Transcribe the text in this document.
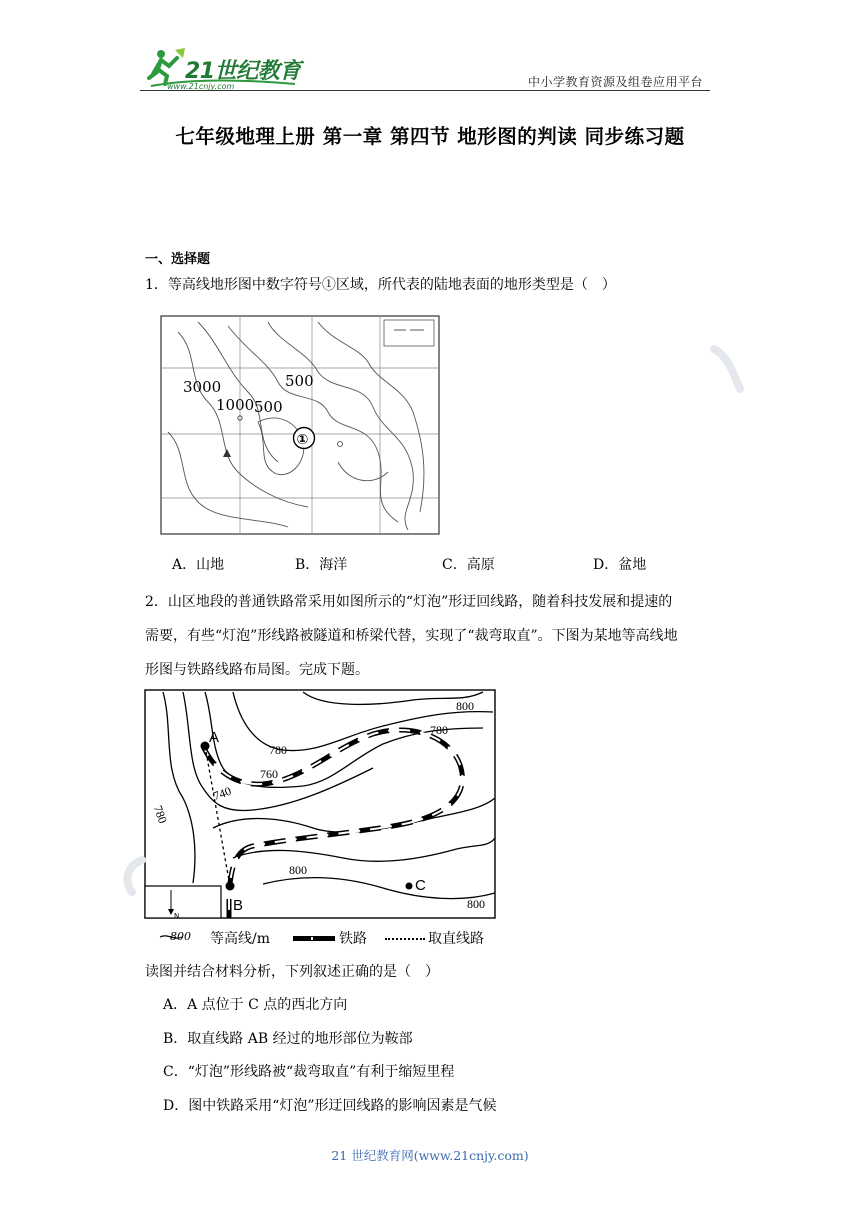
21世纪教育
www.21cnjy.com	中小学教育资源及组卷应用平台
七年级地理上册 第一章 第四节 地形图的判读 同步练习题
一、选择题
1．等高线地形图中数字符号①区域，所代表的陆地表面的地形类型是（　）
3000
1000 500
500
①
A．山地	B．海洋	C．高原	D．盆地

2．山区地段的普通铁路常采用如图所示的“灯泡”形迂回线路，随着科技发展和提速的

需要，有些“灯泡”形线路被隧道和桥梁代替，实现了“裁弯取直”。下图为某地等高线地

形图与铁路线路布局图。完成下题。

N
A
B
C
800
780
780
760
740
780
800
800
800 等高线/m	铁路	取直线路
读图并结合材料分析，下列叙述正确的是（　）
A．A 点位于 C 点的西北方向
B．取直线路 AB 经过的地形部位为鞍部
C．“灯泡”形线路被“裁弯取直”有利于缩短里程
D．图中铁路采用“灯泡”形迂回线路的影响因素是气候
21 世纪教育网(www.21cnjy.com)
